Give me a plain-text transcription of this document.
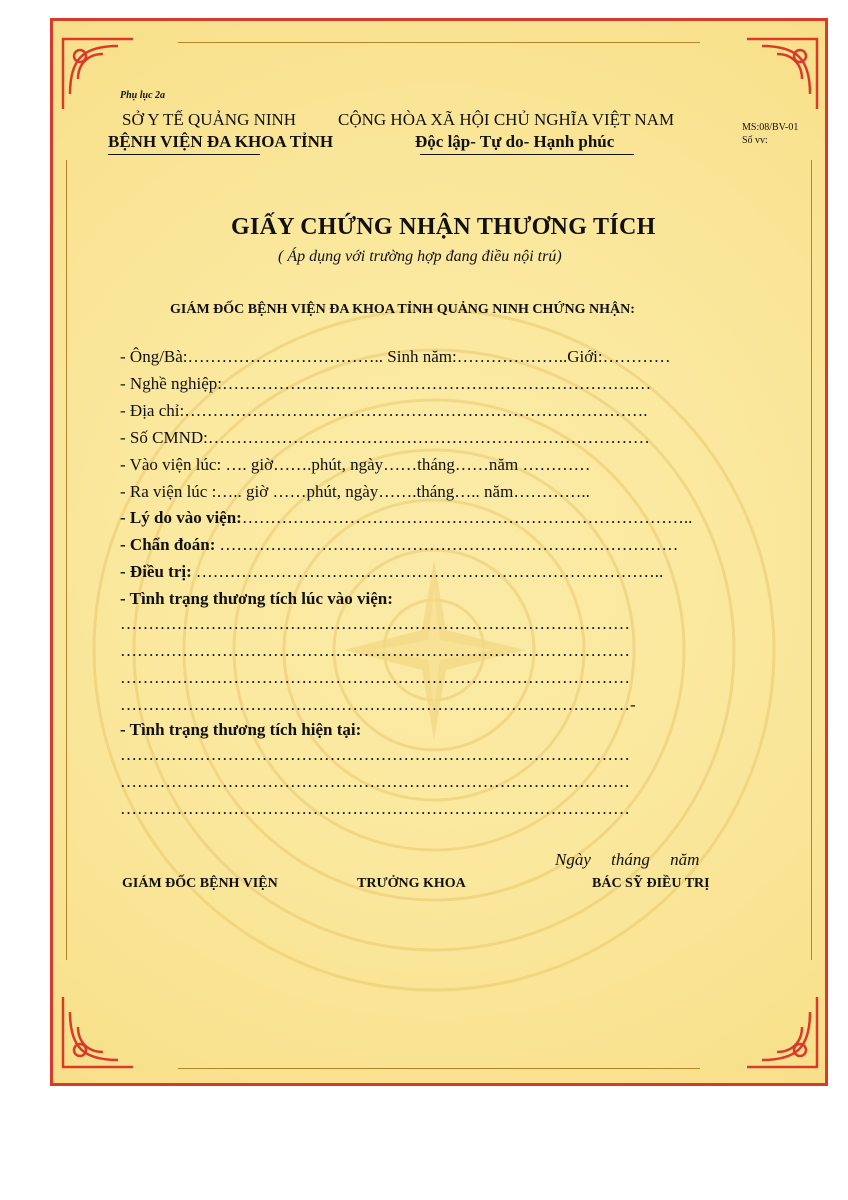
Phụ lục 2a
SỞ Y TẾ QUẢNG NINH
BỆNH VIỆN ĐA KHOA TỈNH
CỘNG HÒA XÃ HỘI CHỦ NGHĨA VIỆT NAM
Độc lập- Tự do- Hạnh phúc
MS:08/BV-01
Số vv:
GIẤY CHỨNG NHẬN THƯƠNG TÍCH
( Áp dụng với trường hợp đang điều nội trú)
GIÁM ĐỐC BỆNH VIỆN ĐA KHOA TỈNH QUẢNG NINH CHỨNG NHẬN:
- Ông/Bà:…………………………….. Sinh năm:………………..Giới:…………
- Nghề nghiệp:……………………………………………………………….…
- Địa chỉ:……………………………………………………………………….
- Số CMND:……………………………………………………………………
- Vào viện lúc: …. giờ…….phút, ngày……tháng……năm …………
- Ra viện lúc :….. giờ ……phút, ngày…….tháng….. năm…………..
- Lý do vào viện:……………………………………………………………………..
- Chẩn đoán: ………………………………………………………………………
- Điều trị: ………………………………………………………………………..
- Tình trạng thương tích lúc vào viện:
………………………………………………………………………………
………………………………………………………………………………
………………………………………………………………………………
………………………………………………………………………………-
- Tình trạng thương tích hiện tại:
………………………………………………………………………………
………………………………………………………………………………
………………………………………………………………………………
Ngày tháng năm
GIÁM ĐỐC BỆNH VIỆN	TRƯỞNG KHOA	BÁC SỸ ĐIỀU TRỊ
